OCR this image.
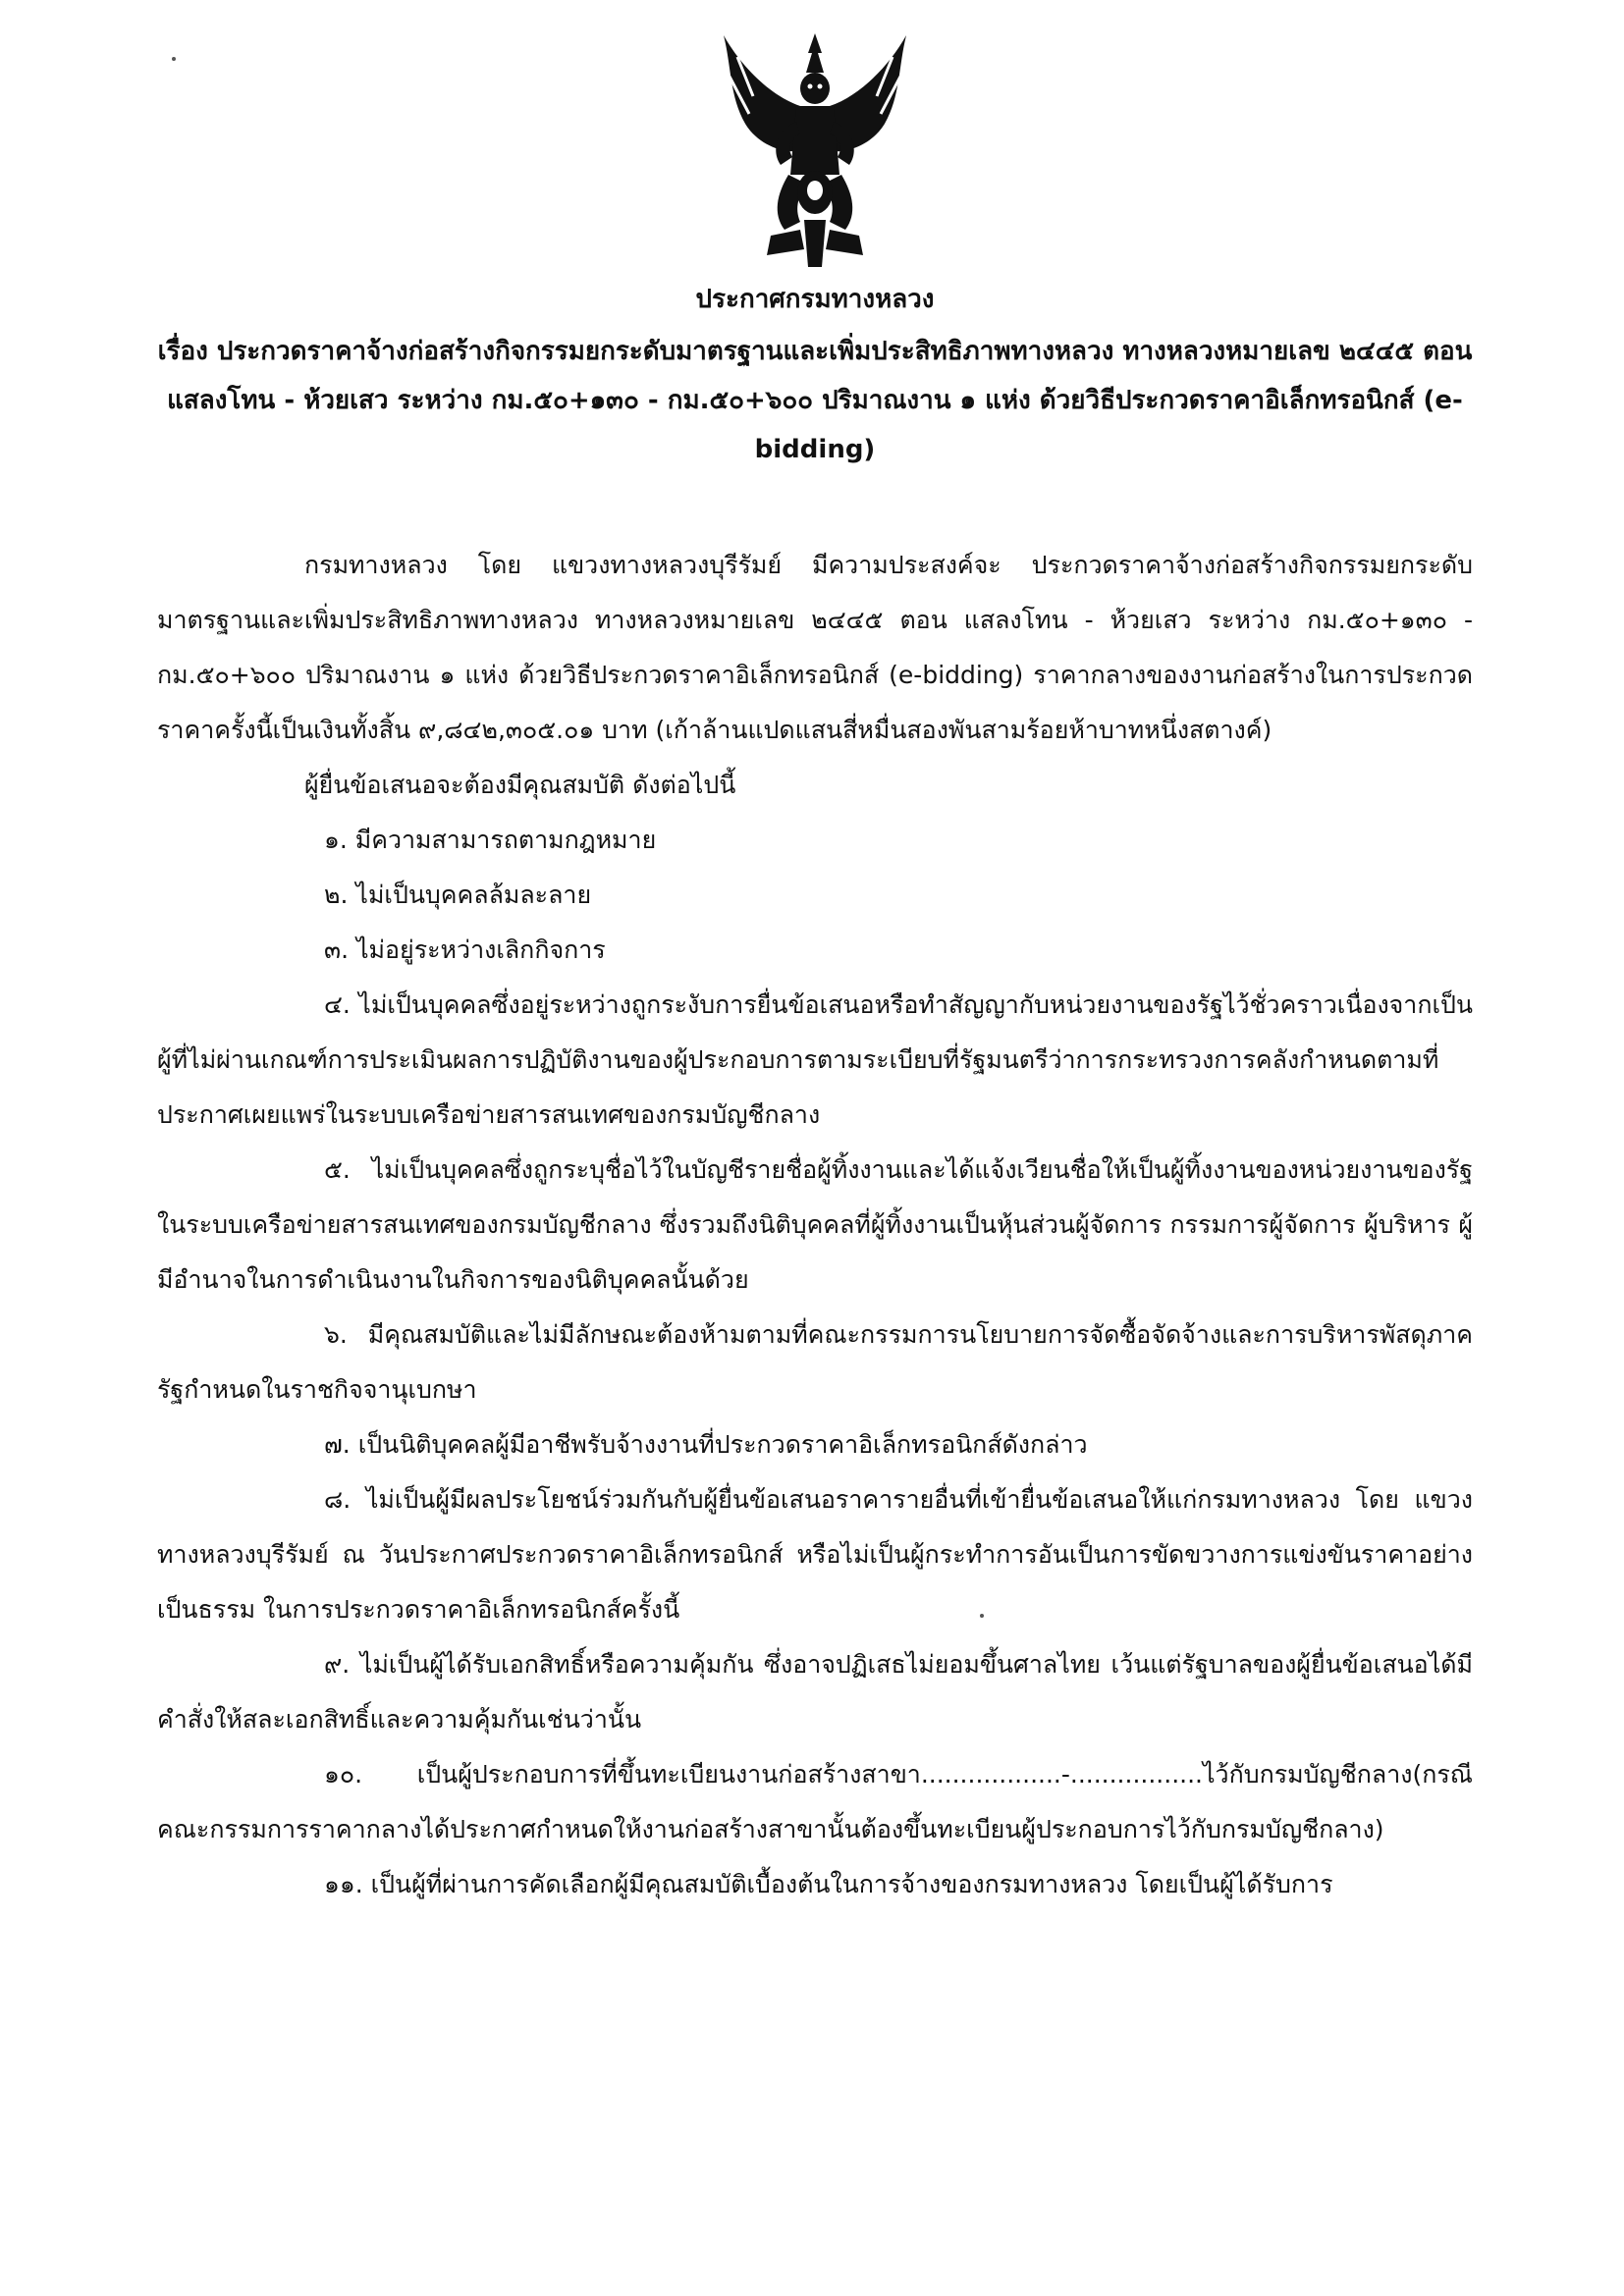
ประกาศกรมทางหลวง
เรื่อง ประกวดราคาจ้างก่อสร้างกิจกรรมยกระดับมาตรฐานและเพิ่มประสิทธิภาพทางหลวง ทางหลวงหมายเลข ๒๔๔๕ ตอน แสลงโทน - ห้วยเสว ระหว่าง กม.๕๐+๑๓๐ - กม.๕๐+๖๐๐ ปริมาณงาน ๑ แห่ง ด้วยวิธีประกวดราคาอิเล็กทรอนิกส์ (e-bidding)

กรมทางหลวง โดย แขวงทางหลวงบุรีรัมย์ มีความประสงค์จะ ประกวดราคาจ้างก่อสร้างกิจกรรมยกระดับมาตรฐานและเพิ่มประสิทธิภาพทางหลวง ทางหลวงหมายเลข ๒๔๔๕ ตอน แสลงโทน - ห้วยเสว ระหว่าง กม.๕๐+๑๓๐ - กม.๕๐+๖๐๐ ปริมาณงาน ๑ แห่ง ด้วยวิธีประกวดราคาอิเล็กทรอนิกส์ (e-bidding) ราคากลางของงานก่อสร้างในการประกวดราคาครั้งนี้เป็นเงินทั้งสิ้น ๙,๘๔๒,๓๐๕.๐๑ บาท (เก้าล้านแปดแสนสี่หมื่นสองพันสามร้อยห้าบาทหนึ่งสตางค์)

ผู้ยื่นข้อเสนอจะต้องมีคุณสมบัติ ดังต่อไปนี้

๑. มีความสามารถตามกฎหมาย

๒. ไม่เป็นบุคคลล้มละลาย

๓. ไม่อยู่ระหว่างเลิกกิจการ

๔. ไม่เป็นบุคคลซึ่งอยู่ระหว่างถูกระงับการยื่นข้อเสนอหรือทำสัญญากับหน่วยงานของรัฐไว้ชั่วคราวเนื่องจากเป็นผู้ที่ไม่ผ่านเกณฑ์การประเมินผลการปฏิบัติงานของผู้ประกอบการตามระเบียบที่รัฐมนตรีว่าการกระทรวงการคลังกำหนดตามที่ประกาศเผยแพร่ในระบบเครือข่ายสารสนเทศของกรมบัญชีกลาง

๕. ไม่เป็นบุคคลซึ่งถูกระบุชื่อไว้ในบัญชีรายชื่อผู้ทิ้งงานและได้แจ้งเวียนชื่อให้เป็นผู้ทิ้งงานของหน่วยงานของรัฐในระบบเครือข่ายสารสนเทศของกรมบัญชีกลาง ซึ่งรวมถึงนิติบุคคลที่ผู้ทิ้งงานเป็นหุ้นส่วนผู้จัดการ กรรมการผู้จัดการ ผู้บริหาร ผู้มีอำนาจในการดำเนินงานในกิจการของนิติบุคคลนั้นด้วย

๖. มีคุณสมบัติและไม่มีลักษณะต้องห้ามตามที่คณะกรรมการนโยบายการจัดซื้อจัดจ้างและการบริหารพัสดุภาครัฐกำหนดในราชกิจจานุเบกษา

๗. เป็นนิติบุคคลผู้มีอาชีพรับจ้างงานที่ประกวดราคาอิเล็กทรอนิกส์ดังกล่าว

๘. ไม่เป็นผู้มีผลประโยชน์ร่วมกันกับผู้ยื่นข้อเสนอราคารายอื่นที่เข้ายื่นข้อเสนอให้แก่กรมทางหลวง โดย แขวงทางหลวงบุรีรัมย์ ณ วันประกาศประกวดราคาอิเล็กทรอนิกส์ หรือไม่เป็นผู้กระทำการอันเป็นการขัดขวางการแข่งขันราคาอย่างเป็นธรรม ในการประกวดราคาอิเล็กทรอนิกส์ครั้งนี้

๙. ไม่เป็นผู้ได้รับเอกสิทธิ์หรือความคุ้มกัน ซึ่งอาจปฏิเสธไม่ยอมขึ้นศาลไทย เว้นแต่รัฐบาลของผู้ยื่นข้อเสนอได้มีคำสั่งให้สละเอกสิทธิ์และความคุ้มกันเช่นว่านั้น

๑๐. เป็นผู้ประกอบการที่ขึ้นทะเบียนงานก่อสร้างสาขา..................-.................ไว้กับกรมบัญชีกลาง(กรณีคณะกรรมการราคากลางได้ประกาศกำหนดให้งานก่อสร้างสาขานั้นต้องขึ้นทะเบียนผู้ประกอบการไว้กับกรมบัญชีกลาง)

๑๑. เป็นผู้ที่ผ่านการคัดเลือกผู้มีคุณสมบัติเบื้องต้นในการจ้างของกรมทางหลวง โดยเป็นผู้ได้รับการ
